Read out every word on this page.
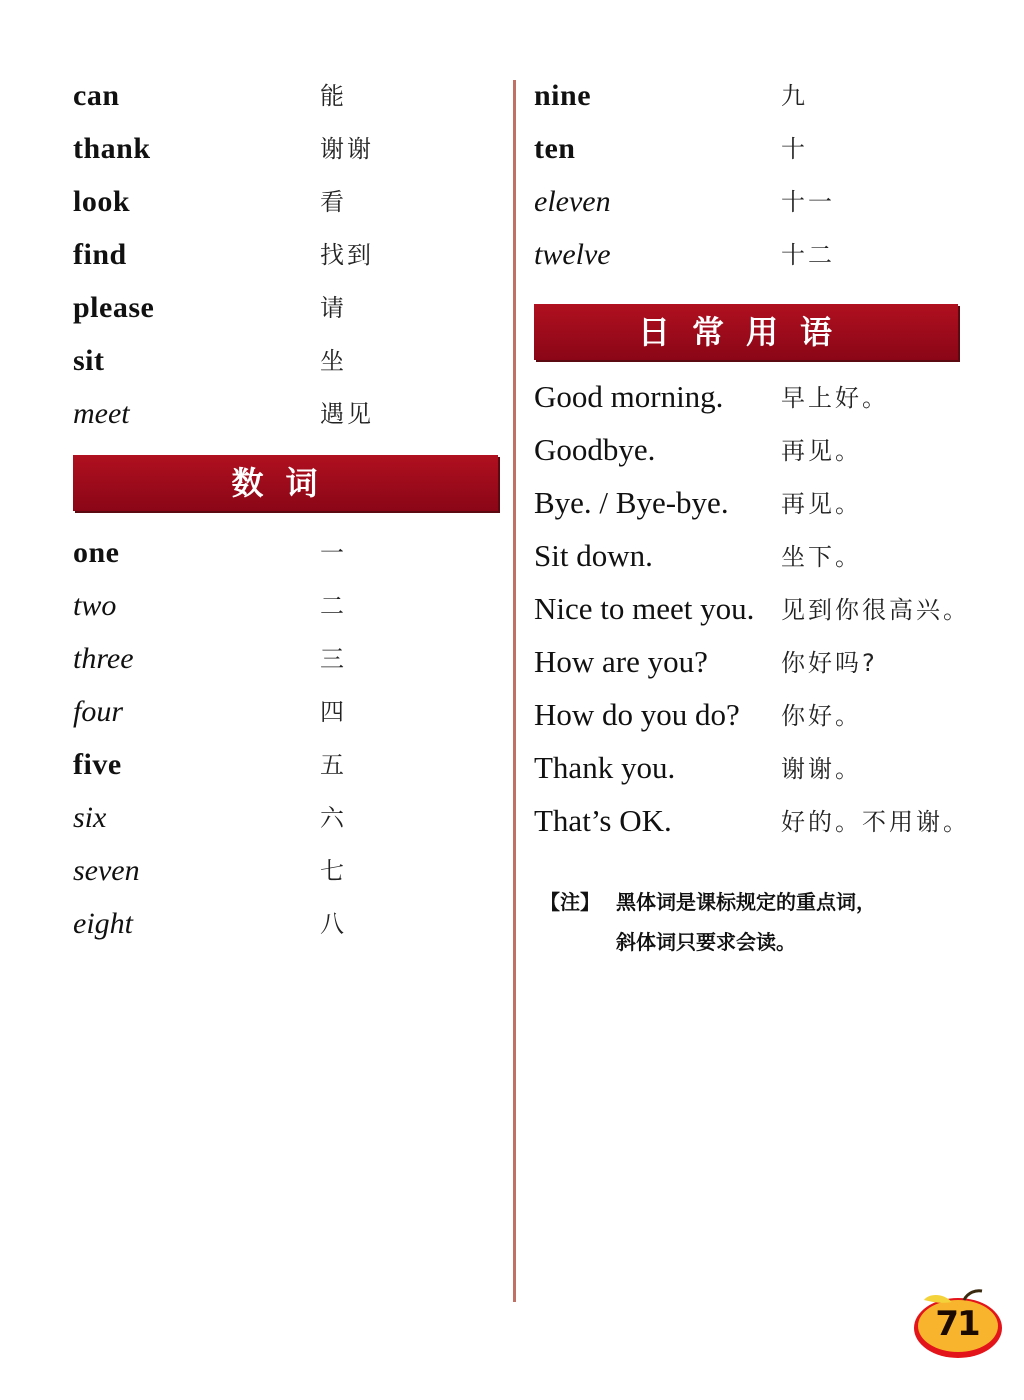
can	能
thank	谢谢
look	看
find	找到
please	请
sit	坐
meet	遇见
数词
one	一
two	二
three	三
four	四
five	五
six	六
seven	七
eight	八
nine	九
ten	十
eleven	十一
twelve	十二
日常用语
Good morning. 早上好。
Goodbye.	再见。
Bye. / Bye-bye. 再见。
Sit down.	坐下。
Nice to meet you. 见到你很高兴。
How are you?	你好吗?
How do you do? 你好。
Thank you.	谢谢。
That’s OK.	好的。不用谢。
【注】 黑体词是课标规定的重点词，
斜体词只要求会读。
71
